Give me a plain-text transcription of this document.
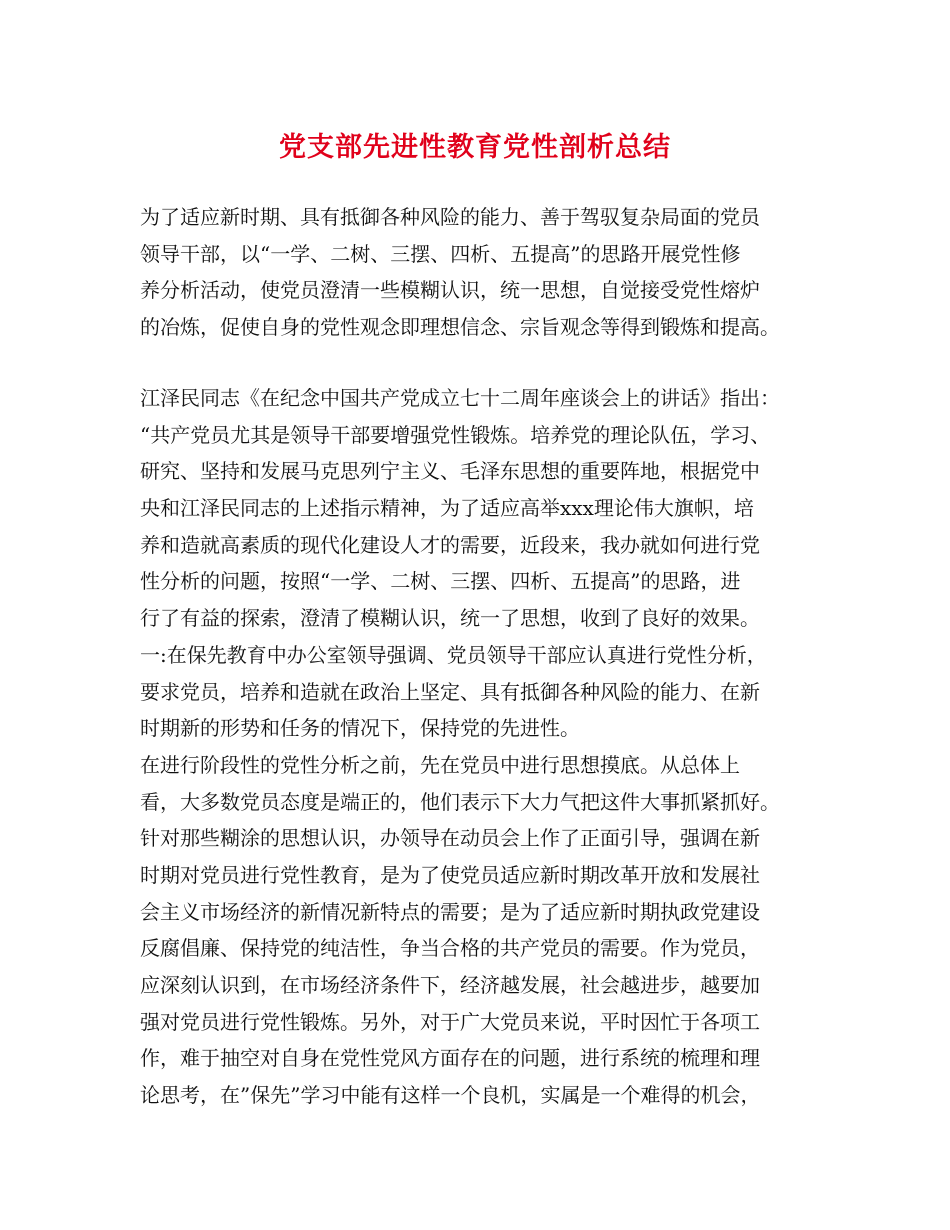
党支部先进性教育党性剖析总结
为了适应新时期、具有抵御各种风险的能力、善于驾驭复杂局面的党员
领导干部，以“一学、二树、三摆、四析、五提高”的思路开展党性修
养分析活动，使党员澄清一些模糊认识，统一思想，自觉接受党性熔炉
的冶炼，促使自身的党性观念即理想信念、宗旨观念等得到锻炼和提高。
江泽民同志《在纪念中国共产党成立七十二周年座谈会上的讲话》指出：
“共产党员尤其是领导干部要增强党性锻炼。培养党的理论队伍，学习、
研究、坚持和发展马克思列宁主义、毛泽东思想的重要阵地，根据党中
央和江泽民同志的上述指示精神，为了适应高举xxx理论伟大旗帜，培
养和造就高素质的现代化建设人才的需要，近段来，我办就如何进行党
性分析的问题，按照“一学、二树、三摆、四析、五提高”的思路，进
行了有益的探索，澄清了模糊认识，统一了思想，收到了良好的效果。
一:在保先教育中办公室领导强调、党员领导干部应认真进行党性分析，
要求党员，培养和造就在政治上坚定、具有抵御各种风险的能力、在新
时期新的形势和任务的情况下，保持党的先进性。
在进行阶段性的党性分析之前，先在党员中进行思想摸底。从总体上
看，大多数党员态度是端正的，他们表示下大力气把这件大事抓紧抓好。
针对那些糊涂的思想认识，办领导在动员会上作了正面引导，强调在新
时期对党员进行党性教育，是为了使党员适应新时期改革开放和发展社
会主义市场经济的新情况新特点的需要；是为了适应新时期执政党建设
反腐倡廉、保持党的纯洁性，争当合格的共产党员的需要。作为党员，
应深刻认识到，在市场经济条件下，经济越发展，社会越进步，越要加
强对党员进行党性锻炼。另外，对于广大党员来说，平时因忙于各项工
作，难于抽空对自身在党性党风方面存在的问题，进行系统的梳理和理
论思考，在”保先”学习中能有这样一个良机，实属是一个难得的机会，
